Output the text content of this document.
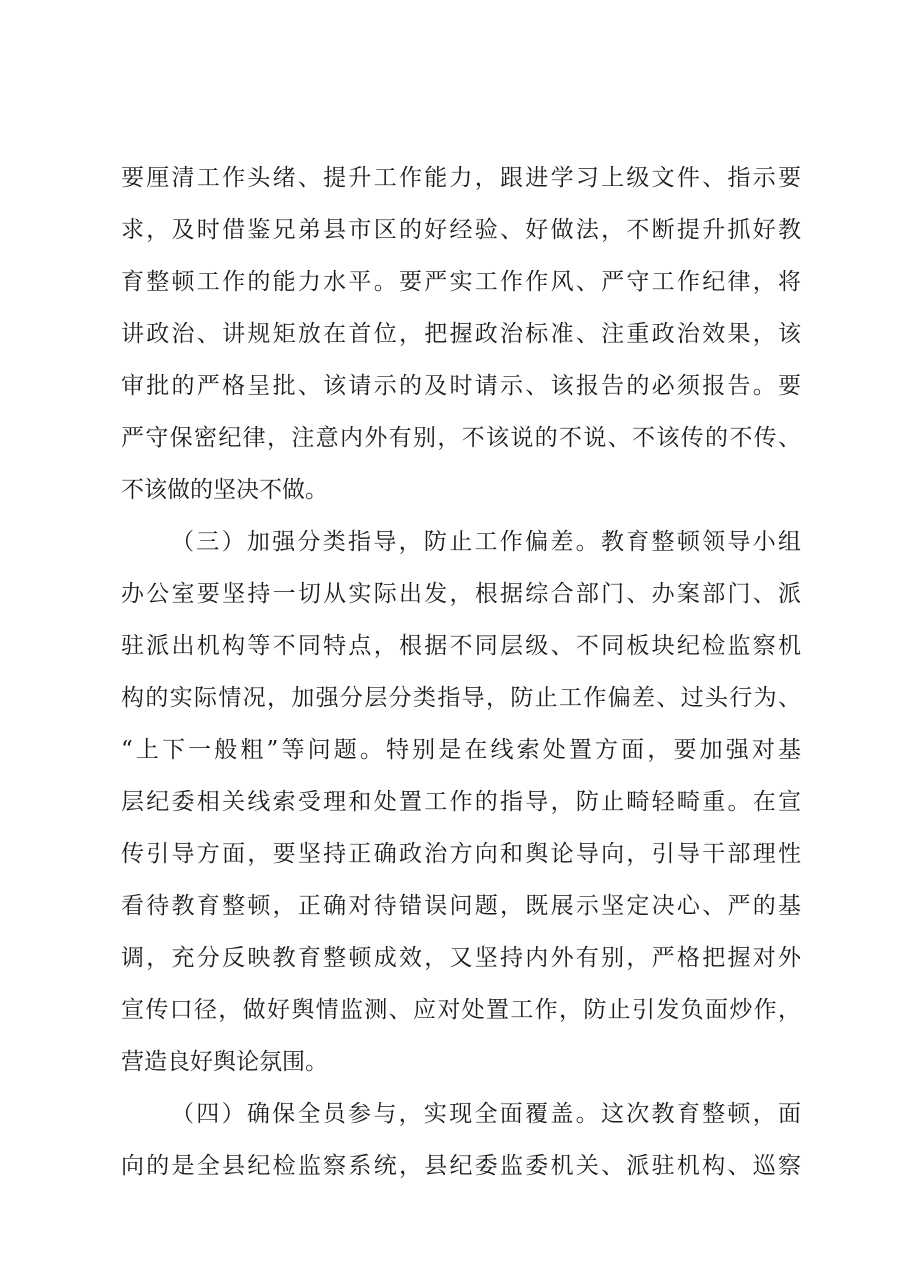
要厘清工作头绪、提升工作能力，跟进学习上级文件、指示要
求，及时借鉴兄弟县市区的好经验、好做法，不断提升抓好教
育整顿工作的能力水平。要严实工作作风、严守工作纪律，将
讲政治、讲规矩放在首位，把握政治标准、注重政治效果，该
审批的严格呈批、该请示的及时请示、该报告的必须报告。要
严守保密纪律，注意内外有别，不该说的不说、不该传的不传、
不该做的坚决不做。
（三）加强分类指导，防止工作偏差。教育整顿领导小组
办公室要坚持一切从实际出发，根据综合部门、办案部门、派
驻派出机构等不同特点，根据不同层级、不同板块纪检监察机
构的实际情况，加强分层分类指导，防止工作偏差、过头行为、
“上下一般粗”等问题。特别是在线索处置方面，要加强对基
层纪委相关线索受理和处置工作的指导，防止畸轻畸重。在宣
传引导方面，要坚持正确政治方向和舆论导向，引导干部理性
看待教育整顿，正确对待错误问题，既展示坚定决心、严的基
调，充分反映教育整顿成效，又坚持内外有别，严格把握对外
宣传口径，做好舆情监测、应对处置工作，防止引发负面炒作，
营造良好舆论氛围。
（四）确保全员参与，实现全面覆盖。这次教育整顿，面
向的是全县纪检监察系统，县纪委监委机关、派驻机构、巡察
